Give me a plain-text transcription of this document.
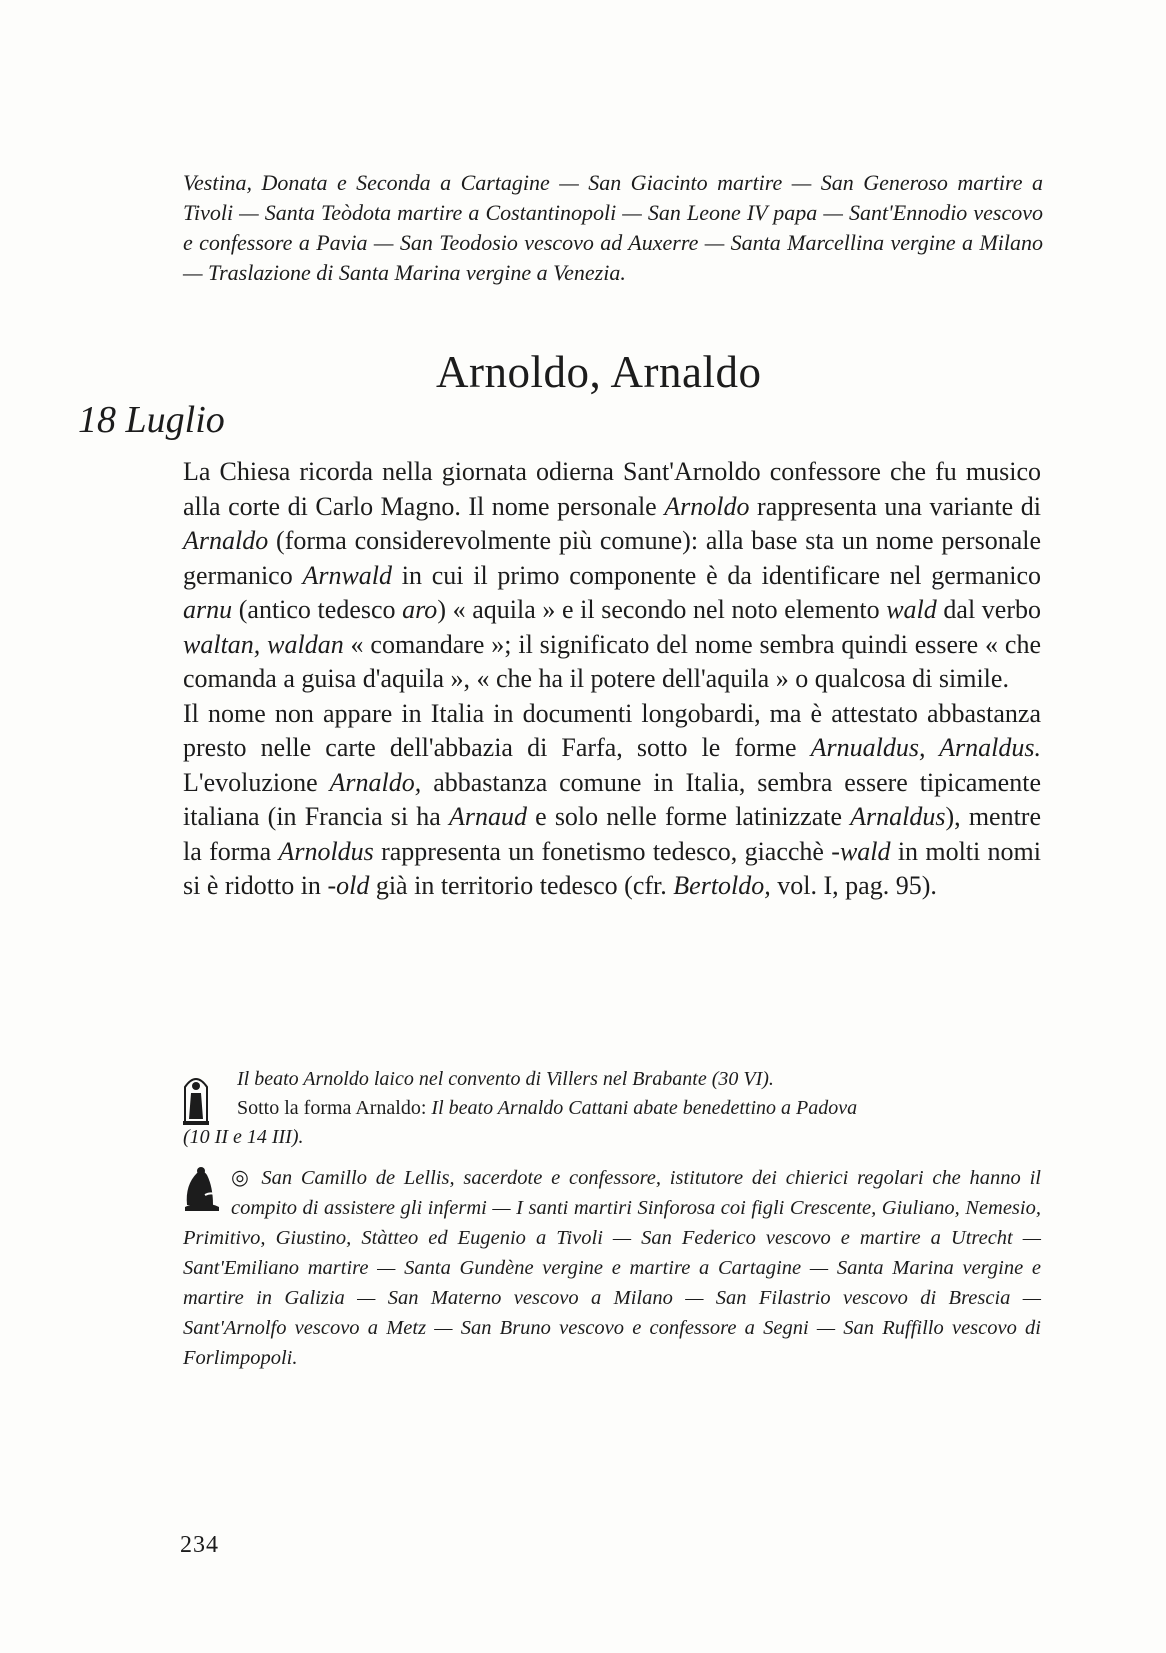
Vestina, Donata e Seconda a Cartagine — San Giacinto martire — San Generoso martire a Tivoli — Santa Teòdota martire a Costantinopoli — San Leone IV papa — Sant'Ennodio vescovo e confessore a Pavia — San Teodosio vescovo ad Auxerre — Santa Marcellina vergine a Milano — Traslazione di Santa Marina vergine a Venezia.
Arnoldo, Arnaldo
18 Luglio

La Chiesa ricorda nella giornata odierna Sant'Arnoldo confessore che fu musico alla corte di Carlo Magno. Il nome personale Arnoldo rappresenta una variante di Arnaldo (forma considerevolmente più comune): alla base sta un nome personale germanico Arnwald in cui il primo componente è da identificare nel germanico arnu (antico tedesco aro) « aquila » e il secondo nel noto elemento wald dal verbo waltan, waldan « comandare »; il significato del nome sembra quindi essere « che comanda a guisa d'aquila », « che ha il potere dell'aquila » o qualcosa di simile.

Il nome non appare in Italia in documenti longobardi, ma è attestato abbastanza presto nelle carte dell'abbazia di Farfa, sotto le forme Arnualdus, Arnaldus. L'evoluzione Arnaldo, abbastanza comune in Italia, sembra essere tipicamente italiana (in Francia si ha Arnaud e solo nelle forme latinizzate Arnaldus), mentre la forma Arnoldus rappresenta un fonetismo tedesco, giacchè -wald in molti nomi si è ridotto in -old già in territorio tedesco (cfr. Bertoldo, vol. I, pag. 95).

Il beato Arnoldo laico nel convento di Villers nel Brabante (30 VI).
Sotto la forma Arnaldo: Il beato Arnaldo Cattani abate benedettino a Padova
(10 II e 14 III).
◎ San Camillo de Lellis, sacerdote e confessore, istitutore dei chierici regolari che hanno il compito di assistere gli infermi — I santi martiri Sinforosa coi figli Crescente, Giuliano, Nemesio, Primitivo, Giustino, Stàtteo ed Eugenio a Tivoli — San Federico vescovo e martire a Utrecht — Sant'Emiliano martire — Santa Gundène vergine e martire a Cartagine — Santa Marina vergine e martire in Galizia — San Materno vescovo a Milano — San Filastrio vescovo di Brescia — Sant'Arnolfo vescovo a Metz — San Bruno vescovo e confessore a Segni — San Ruffillo vescovo di Forlimpopoli.
234
